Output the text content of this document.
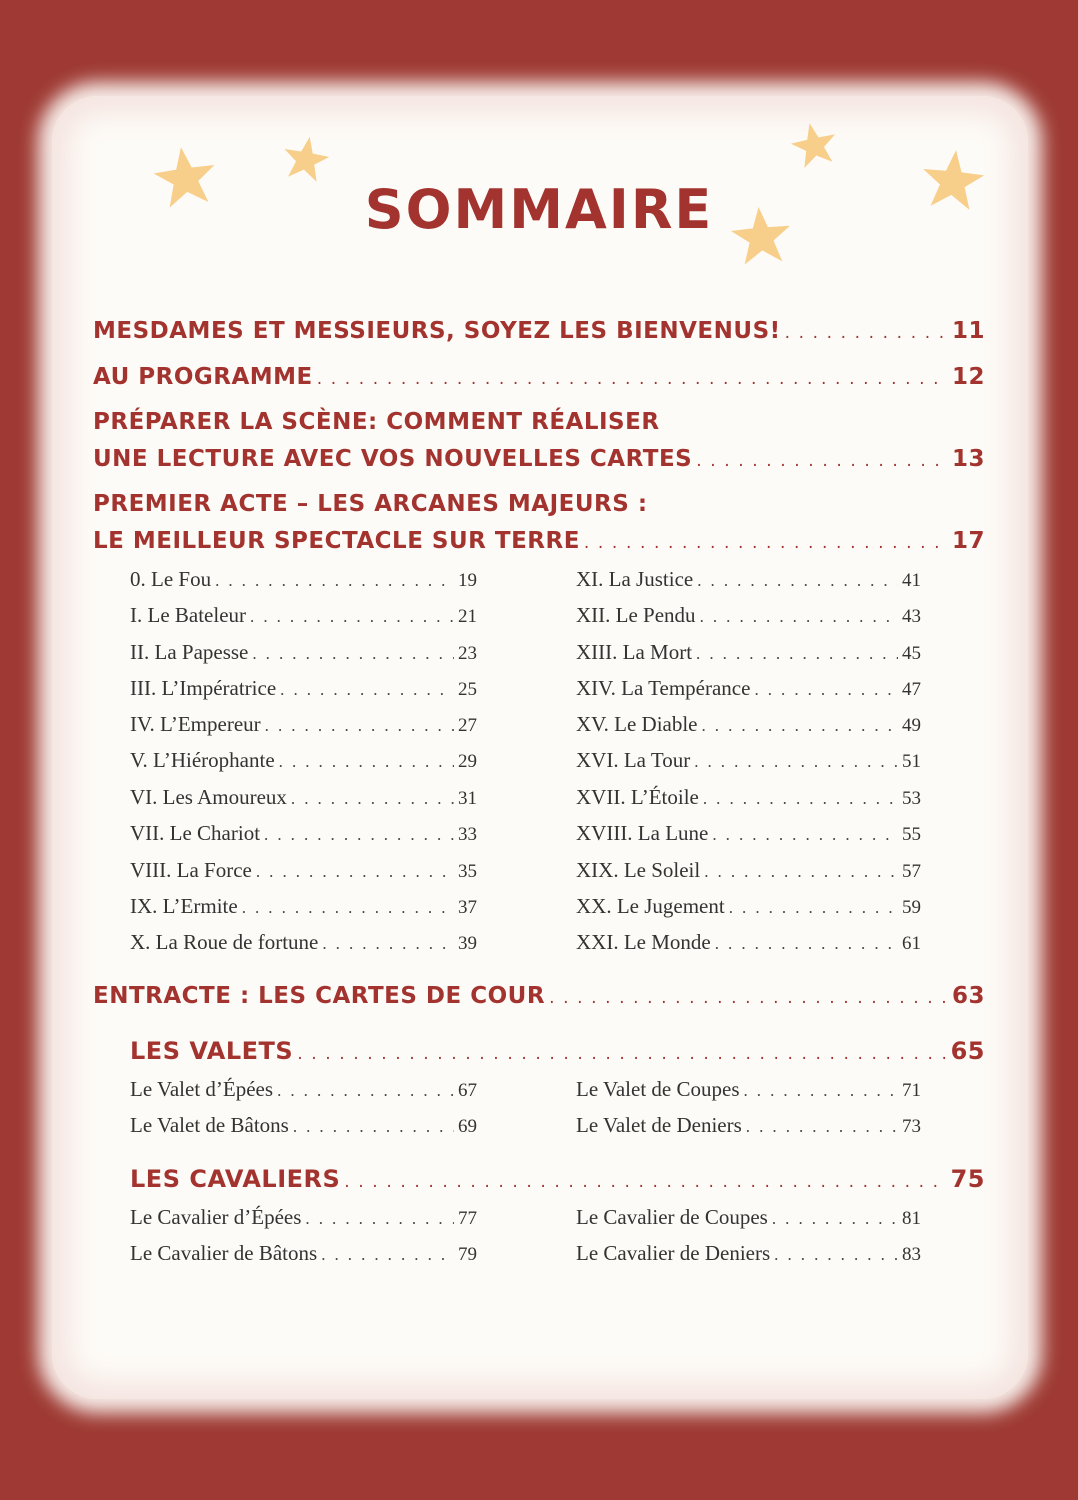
SOMMAIRE
MESDAMES ET MESSIEURS, SOYEZ LES BIENVENUS! . . .	11
AU PROGRAMME . . .	12
PRÉPARER LA SCÈNE: COMMENT RÉALISER
UNE LECTURE AVEC VOS NOUVELLES CARTES . . .	13
PREMIER ACTE – LES ARCANES MAJEURS :
LE MEILLEUR SPECTACLE SUR TERRE . . .	17
0. Le Fou . . .	19
I. Le Bateleur . . .	21
II. La Papesse . . .	23
III. L’Impératrice . . .	25
IV. L’Empereur . . .	27
V. L’Hiérophante . . .	29
VI. Les Amoureux . . .	31
VII. Le Chariot . . .	33
VIII. La Force . . .	35
IX. L’Ermite . . .	37
X. La Roue de fortune . . .	39
XI. La Justice . . .	41
XII. Le Pendu . . .	43
XIII. La Mort . . .	45
XIV. La Tempérance . . .	47
XV. Le Diable . . .	49
XVI. La Tour . . .	51
XVII. L’Étoile . . .	53
XVIII. La Lune . . .	55
XIX. Le Soleil . . .	57
XX. Le Jugement . . .	59
XXI. Le Monde . . .	61
ENTRACTE : LES CARTES DE COUR . . .	63
LES VALETS . . .	65
Le Valet d’Épées . . .	67	Le Valet de Coupes . . .	71
Le Valet de Bâtons . . .	69	Le Valet de Deniers . . .	73
LES CAVALIERS . . .	75
Le Cavalier d’Épées . . .	77	Le Cavalier de Coupes . . .	81
Le Cavalier de Bâtons . . .	79	Le Cavalier de Deniers . . .	83
